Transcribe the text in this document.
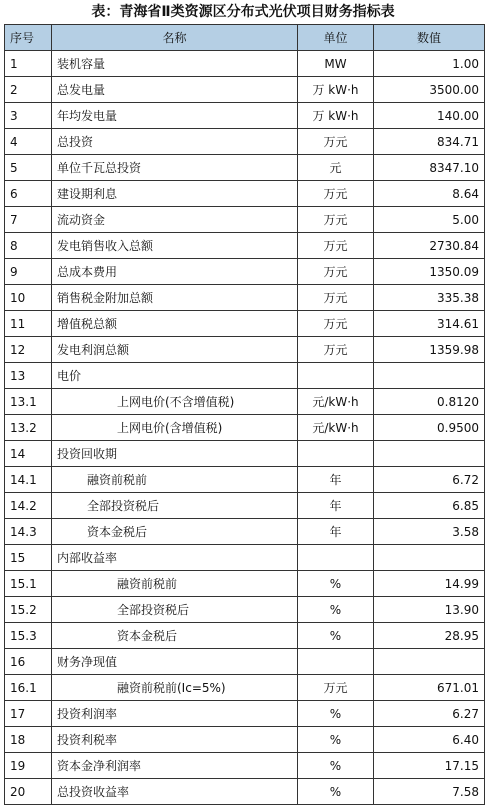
表：青海省Ⅱ类资源区分布式光伏项目财务指标表
序号	名称	单位	数值
1	装机容量	MW	1.00
2	总发电量	万 kW·h	3500.00
3	年均发电量	万 kW·h	140.00
4	总投资	万元	834.71
5	单位千瓦总投资	元	8347.10
6	建设期利息	万元	8.64
7	流动资金	万元	5.00
8	发电销售收入总额	万元	2730.84
9	总成本费用	万元	1350.09
10	销售税金附加总额	万元	335.38
11	增值税总额	万元	314.61
12	发电利润总额	万元	1359.98
13	电价		
13.1	上网电价(不含增值税)	元/kW·h	0.8120
13.2	上网电价(含增值税)	元/kW·h	0.9500
14	投资回收期		
14.1	融资前税前	年	6.72
14.2	全部投资税后	年	6.85
14.3	资本金税后	年	3.58
15	内部收益率		
15.1	融资前税前	%	14.99
15.2	全部投资税后	%	13.90
15.3	资本金税后	%	28.95
16	财务净现值		
16.1	融资前税前(Ic=5%)	万元	671.01
17	投资利润率	%	6.27
18	投资利税率	%	6.40
19	资本金净利润率	%	17.15
20	总投资收益率	%	7.58
